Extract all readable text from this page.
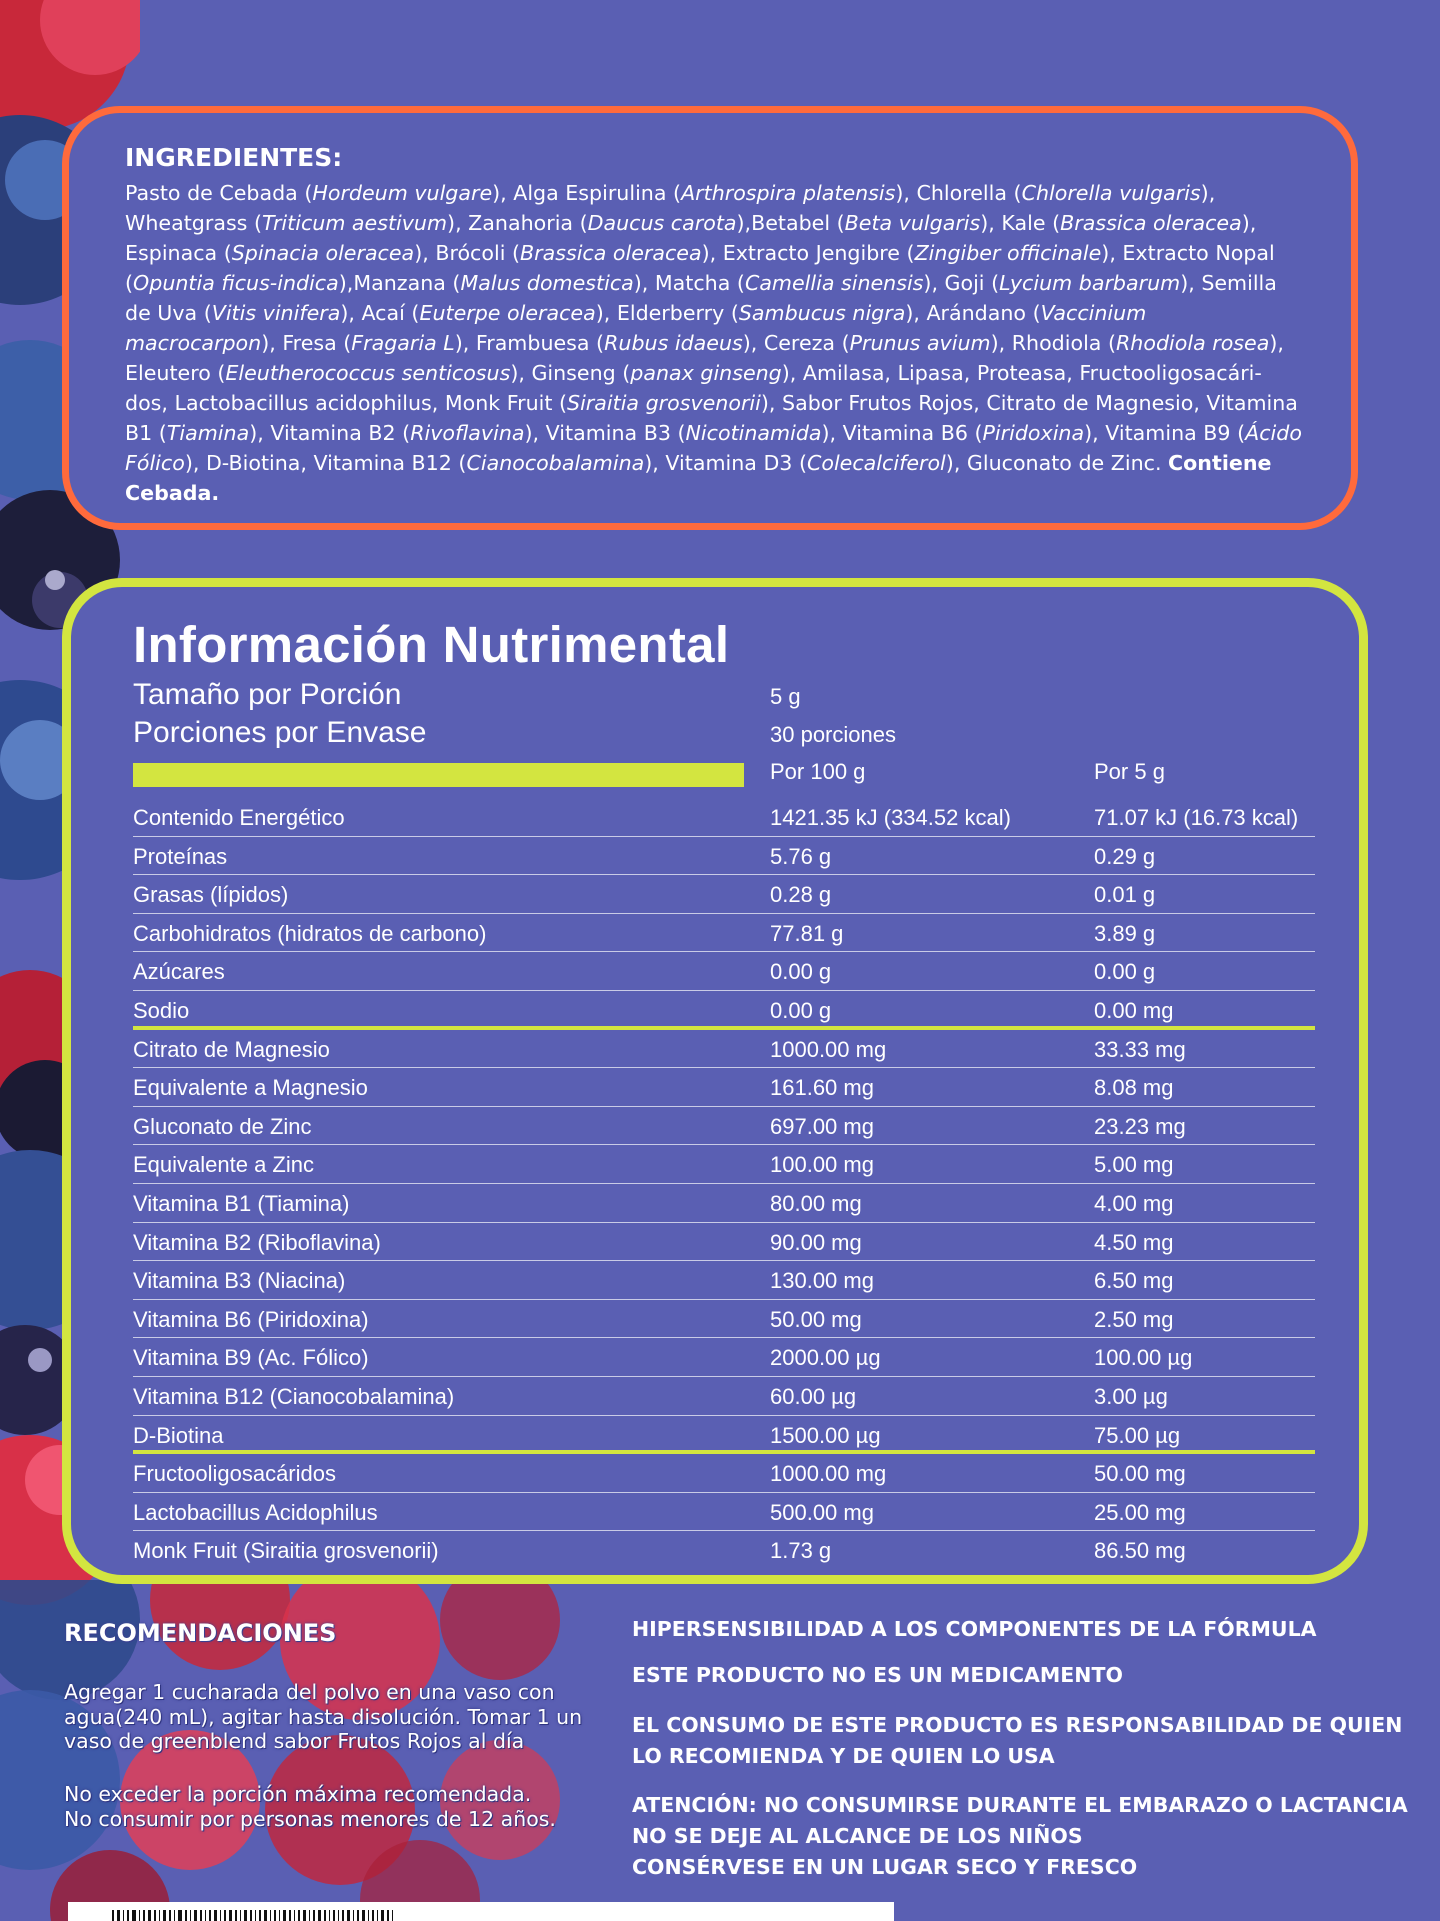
INGREDIENTES:
Pasto de Cebada (Hordeum vulgare), Alga Espirulina (Arthrospira platensis), Chlorella (Chlorella vulgaris), Wheatgrass (Triticum aestivum), Zanahoria (Daucus carota),Betabel (Beta vulgaris), Kale (Brassica oleracea), Espinaca (Spinacia oleracea), Brócoli (Brassica oleracea), Extracto Jengibre (Zingiber officinale), Extracto Nopal (Opuntia ficus-indica),Manzana (Malus domestica), Matcha (Camellia sinensis), Goji (Lycium barbarum), Semilla de Uva (Vitis vinifera), Acaí (Euterpe oleracea), Elderberry (Sambucus nigra), Arándano (Vaccinium macrocarpon), Fresa (Fragaria L), Frambuesa (Rubus idaeus), Cereza (Prunus avium), Rhodiola (Rhodiola rosea), Eleutero (Eleutherococcus senticosus), Ginseng (panax ginseng), Amilasa, Lipasa, Proteasa, Fructooligosacári-dos, Lactobacillus acidophilus, Monk Fruit (Siraitia grosvenorii), Sabor Frutos Rojos, Citrato de Magnesio, Vitamina B1 (Tiamina), Vitamina B2 (Rivoflavina), Vitamina B3 (Nicotinamida), Vitamina B6 (Piridoxina), Vitamina B9 (Ácido Fólico), D-Biotina, Vitamina B12 (Cianocobalamina), Vitamina D3 (Colecalciferol), Gluconato de Zinc. Contiene Cebada.
Información Nutrimental
Tamaño por Porción	5 g
Porciones por Envase	30 porciones
Por 100 g	Por 5 g
Contenido Energético	1421.35 kJ (334.52 kcal)	71.07 kJ (16.73 kcal)
Proteínas	5.76 g	0.29 g
Grasas (lípidos)	0.28 g	0.01 g
Carbohidratos (hidratos de carbono)	77.81 g	3.89 g
Azúcares	0.00 g	0.00 g
Sodio	0.00 g	0.00 mg
Citrato de Magnesio	1000.00 mg	33.33 mg
Equivalente a Magnesio	161.60 mg	8.08 mg
Gluconato de Zinc	697.00 mg	23.23 mg
Equivalente a Zinc	100.00 mg	5.00 mg
Vitamina B1 (Tiamina)	80.00 mg	4.00 mg
Vitamina B2 (Riboflavina)	90.00 mg	4.50 mg
Vitamina B3 (Niacina)	130.00 mg	6.50 mg
Vitamina B6 (Piridoxina)	50.00 mg	2.50 mg
Vitamina B9 (Ac. Fólico)	2000.00 µg	100.00 µg
Vitamina B12 (Cianocobalamina)	60.00 µg	3.00 µg
D-Biotina	1500.00 µg	75.00 µg
Fructooligosacáridos	1000.00 mg	50.00 mg
Lactobacillus Acidophilus	500.00 mg	25.00 mg
Monk Fruit (Siraitia grosvenorii)	1.73 g	86.50 mg
RECOMENDACIONES
Agregar 1 cucharada del polvo en una vaso con agua(240 mL), agitar hasta disolución. Tomar 1 un vaso de greenblend sabor Frutos Rojos al día
No exceder la porción máxima recomendada.
No consumir por personas menores de 12 años.
HIPERSENSIBILIDAD A LOS COMPONENTES DE LA FÓRMULA
ESTE PRODUCTO NO ES UN MEDICAMENTO
EL CONSUMO DE ESTE PRODUCTO ES RESPONSABILIDAD DE QUIEN
LO RECOMIENDA Y DE QUIEN LO USA
ATENCIÓN: NO CONSUMIRSE DURANTE EL EMBARAZO O LACTANCIA
NO SE DEJE AL ALCANCE DE LOS NIÑOS
CONSÉRVESE EN UN LUGAR SECO Y FRESCO
